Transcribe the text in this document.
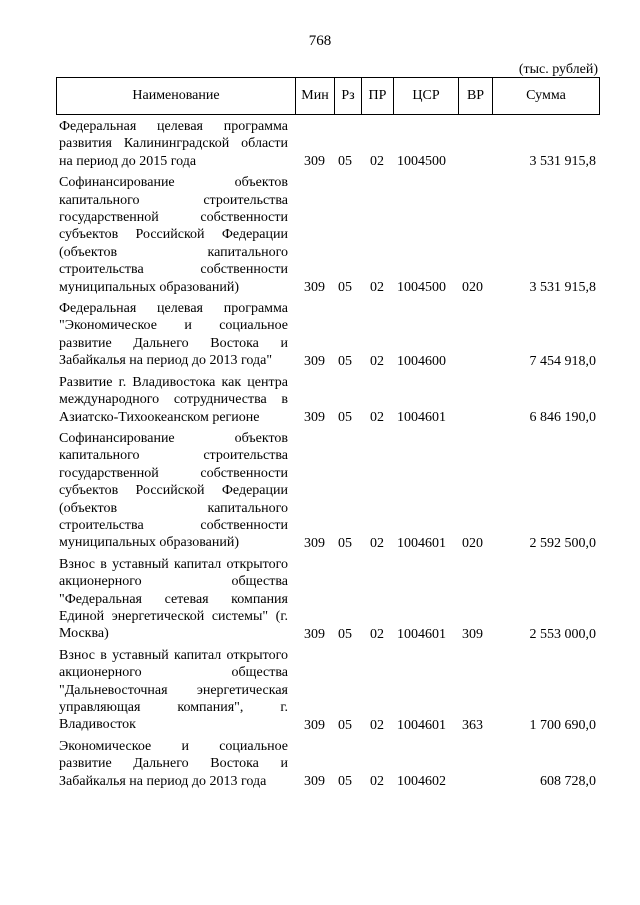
768
(тыс. рублей)
Наименование	Мин Рз ПР	ЦСР	ВР	Сумма
Федеральная целевая программа развития Калининградской области на период до 2015 года	309 05 02 1004500	3 531 915,8
Софинансирование объектов капитального строительства государственной собственности субъектов Российской Федерации (объектов капитального строительства собственности муниципальных образований)	309 05 02 1004500 020	3 531 915,8
Федеральная целевая программа "Экономическое и социальное развитие Дальнего Востока и Забайкалья на период до 2013 года"	309 05 02 1004600	7 454 918,0
Развитие г. Владивостока как центра международного сотрудничества в Азиатско-Тихоокеанском регионе	309 05 02 1004601	6 846 190,0
Софинансирование объектов капитального строительства государственной собственности субъектов Российской Федерации (объектов капитального строительства собственности муниципальных образований)	309 05 02 1004601 020	2 592 500,0
Взнос в уставный капитал открытого акционерного общества "Федеральная сетевая компания Единой энергетической системы" (г. Москва)	309 05 02 1004601 309	2 553 000,0
Взнос в уставный капитал открытого акционерного общества "Дальневосточная энергетическая управляющая компания", г. Владивосток	309 05 02 1004601 363	1 700 690,0
Экономическое и социальное развитие Дальнего Востока и Забайкалья на период до 2013 года	309 05 02 1004602	608 728,0
